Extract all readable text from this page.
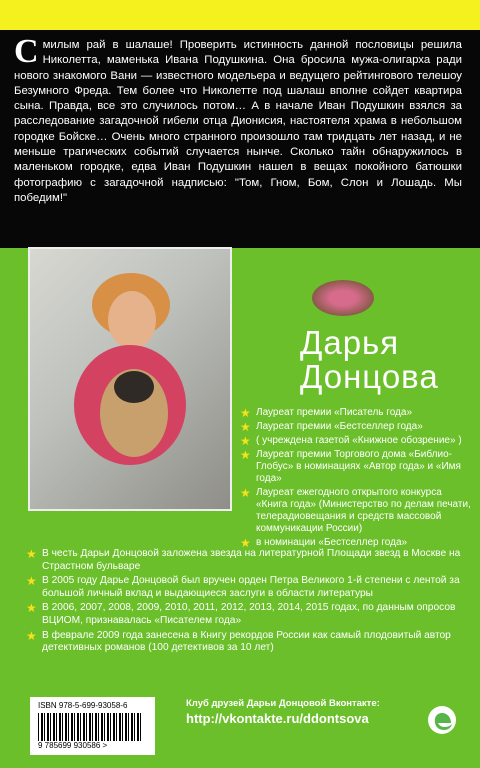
С милым рай в шалаше! Проверить истинность данной пословицы решила Николетта, маменька Ивана Подушкина. Она бросила мужа-олигарха ради нового знакомого Вани — известного модельера и ведущего рейтингового телешоу Безумного Фреда. Тем более что Николетте под шалаш вполне сойдет квартира сына. Правда, все это случилось потом… А в начале Иван Подушкин взялся за расследование загадочной гибели отца Дионисия, настоятеля храма в небольшом городке Бойске… Очень много странного произошло там тридцать лет назад, и не меньше трагических событий случается нынче. Сколько тайн обнаружилось в маленьком городке, едва Иван Подушкин нашел в вещах покойного батюшки фотографию с загадочной надписью: "Том, Гном, Бом, Слон и Лошадь. Мы победим!"

Дарья
Донцова
★ Лауреат премии «Писатель года»
★ Лауреат премии «Бестселлер года»
★ ( учреждена газетой «Книжное обозрение» )
★ Лауреат премии Торгового дома «Библио-Глобус» в номинациях «Автор года» и «Имя года»
★ Лауреат ежегодного открытого конкурса «Книга года» (Министерство по делам печати, телерадиовещания и средств массовой коммуникации России)
★ в номинации «Бестселлер года»
★ В честь Дарьи Донцовой заложена звезда на литературной Площади звезд в Москве на Страстном бульваре
★ В 2005 году Дарье Донцовой был вручен орден Петра Великого 1-й степени с лентой за большой личный вклад и выдающиеся заслуги в области литературы
★ В 2006, 2007, 2008, 2009, 2010, 2011, 2012, 2013, 2014, 2015 годах, по данным опросов ВЦИОМ, признавалась «Писателем года»
★ В феврале 2009 года занесена в Книгу рекордов России как самый плодовитый автор детективных романов (100 детективов за 10 лет)
ISBN 978-5-699-93058-6
9 785699 930586 >
Клуб друзей Дарьи Донцовой Вконтакте:
http://vkontakte.ru/ddontsova
